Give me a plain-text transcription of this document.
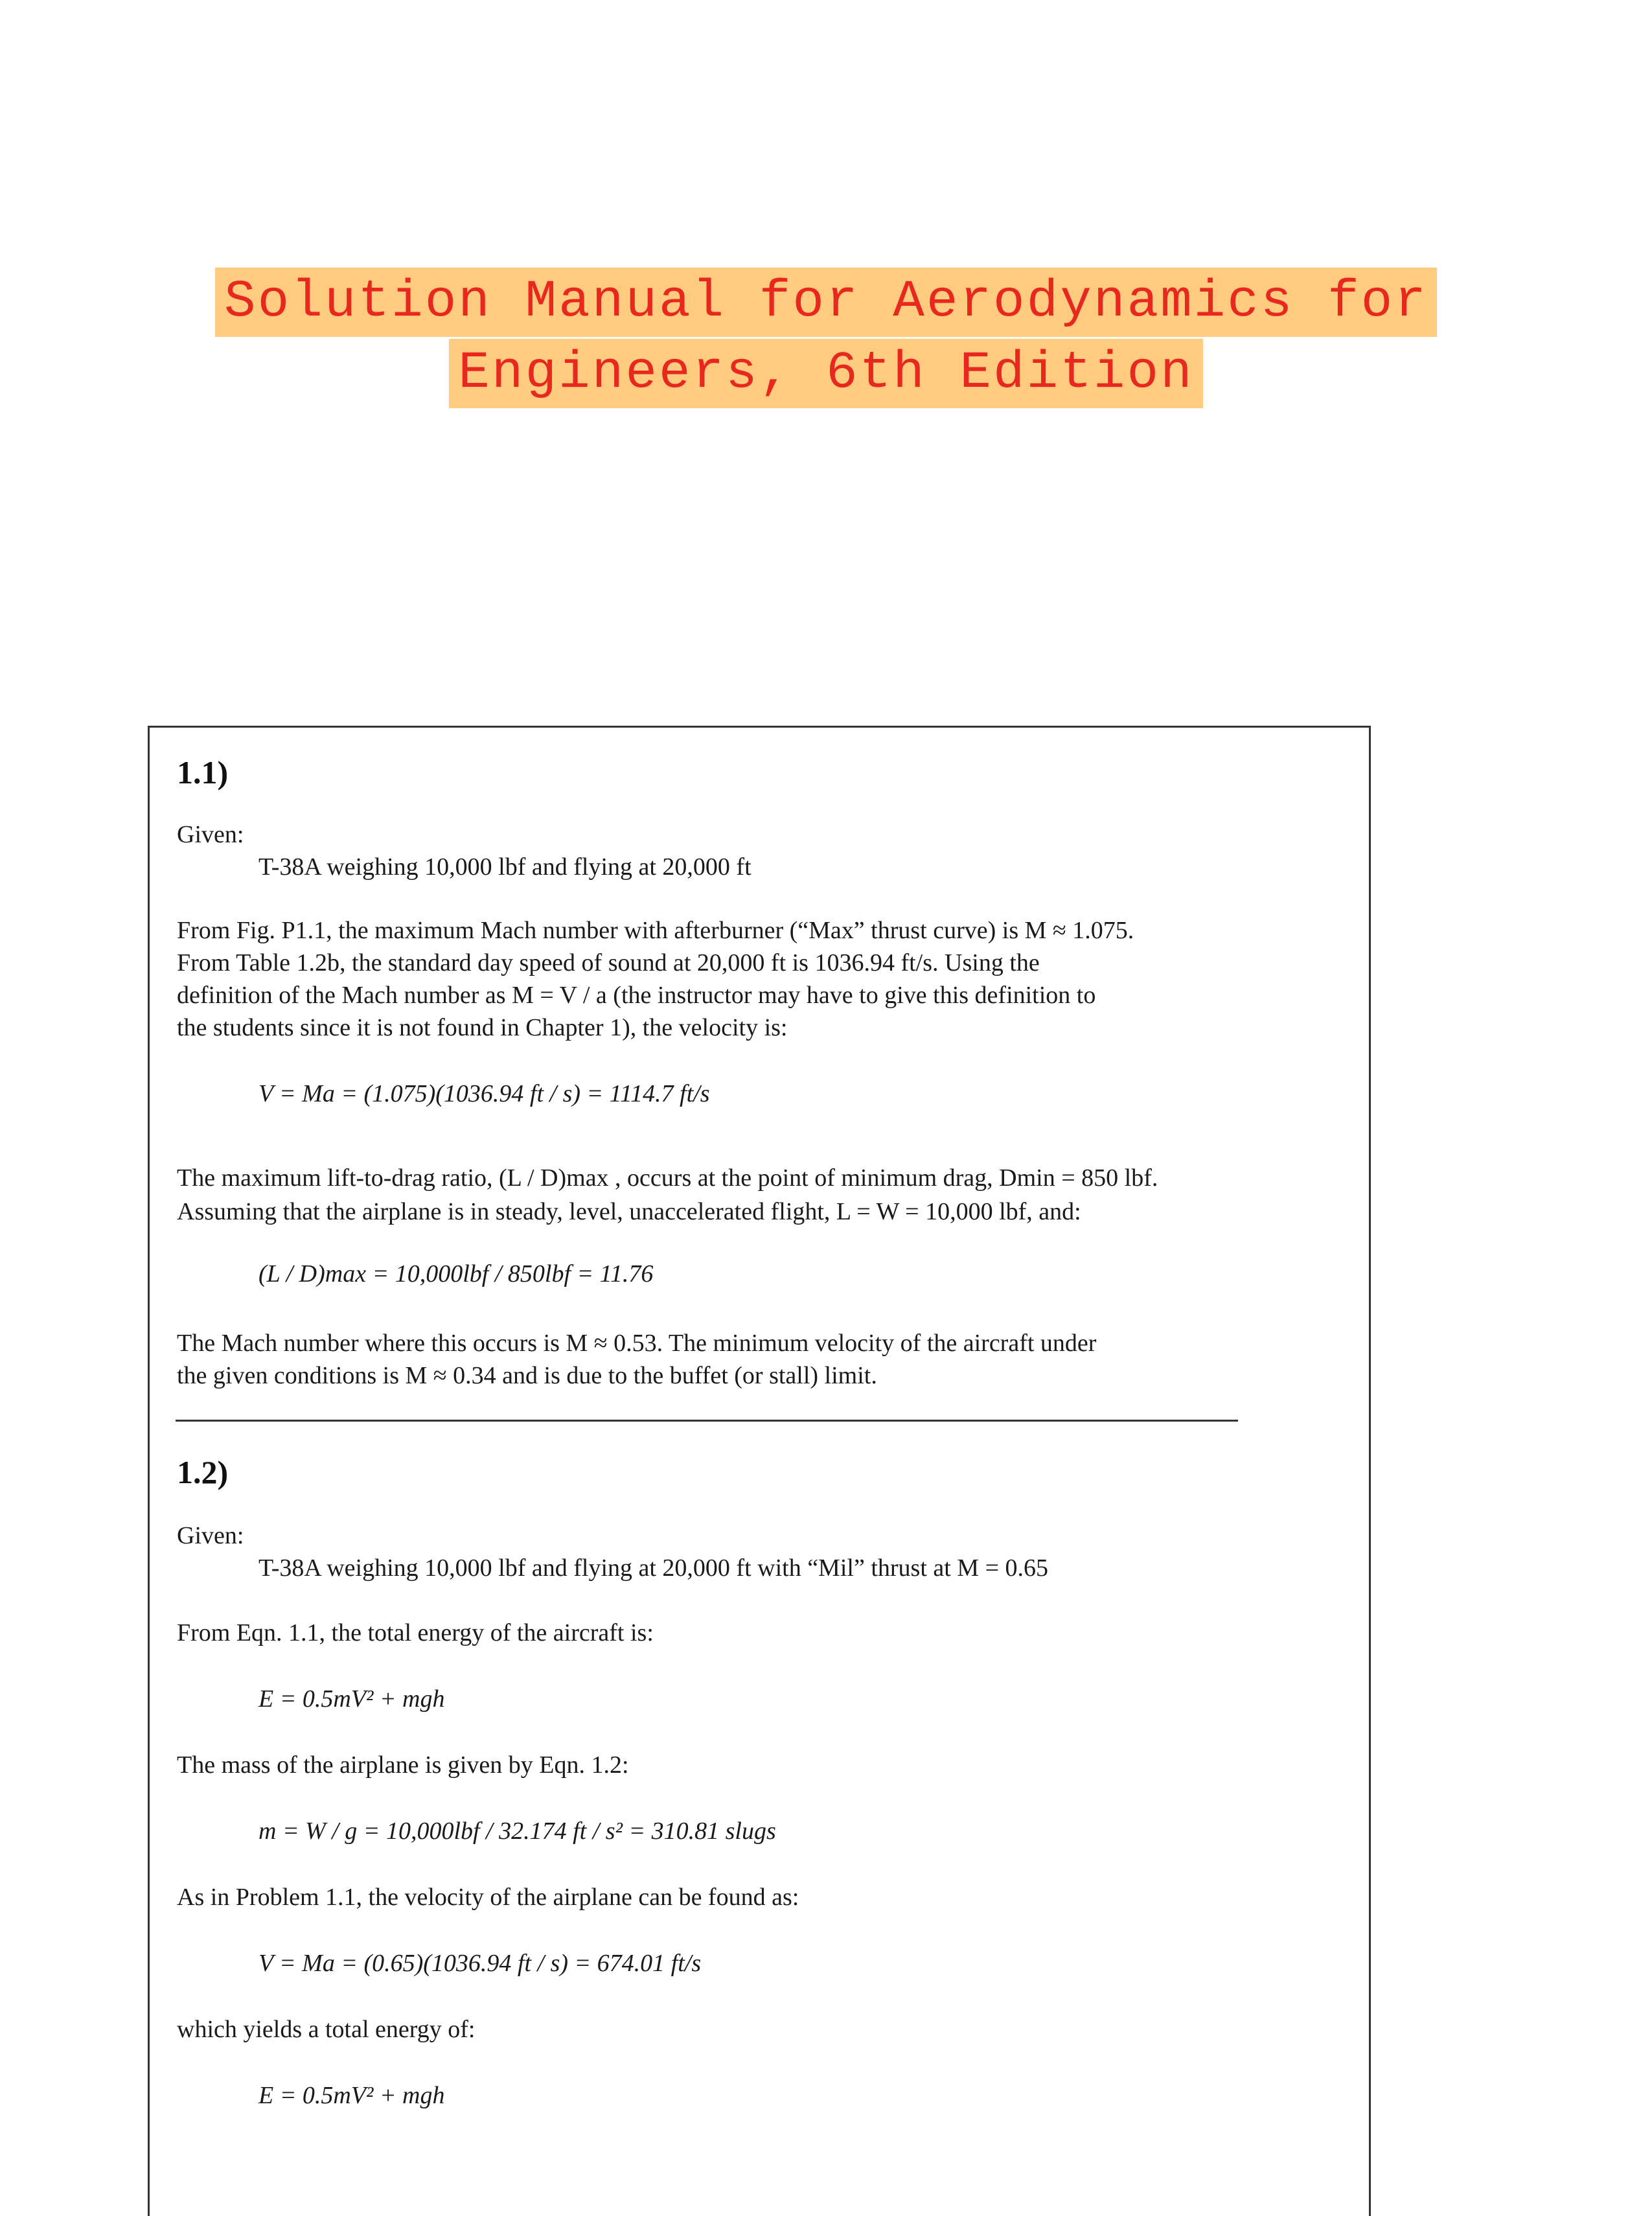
Solution Manual for Aerodynamics for
Engineers, 6th Edition
1.1)
Given:
T-38A weighing 10,000 lbf and flying at 20,000 ft
From Fig. P1.1, the maximum Mach number with afterburner (“Max” thrust curve) is M ≈ 1.075.
From Table 1.2b, the standard day speed of sound at 20,000 ft is 1036.94 ft/s. Using the
definition of the Mach number as M = V / a (the instructor may have to give this definition to
the students since it is not found in Chapter 1), the velocity is:
V = Ma = (1.075)(1036.94 ft / s) = 1114.7 ft/s
The maximum lift-to-drag ratio, (L / D)max , occurs at the point of minimum drag, Dmin = 850 lbf.
Assuming that the airplane is in steady, level, unaccelerated flight, L = W = 10,000 lbf, and:
(L / D)max = 10,000lbf / 850lbf = 11.76
The Mach number where this occurs is M ≈ 0.53. The minimum velocity of the aircraft under
the given conditions is M ≈ 0.34 and is due to the buffet (or stall) limit.
1.2)
Given:
T-38A weighing 10,000 lbf and flying at 20,000 ft with “Mil” thrust at M = 0.65
From Eqn. 1.1, the total energy of the aircraft is:
E = 0.5mV² + mgh
The mass of the airplane is given by Eqn. 1.2:
m = W / g = 10,000lbf / 32.174 ft / s² = 310.81 slugs
As in Problem 1.1, the velocity of the airplane can be found as:
V = Ma = (0.65)(1036.94 ft / s) = 674.01 ft/s
which yields a total energy of:
E = 0.5mV² + mgh
